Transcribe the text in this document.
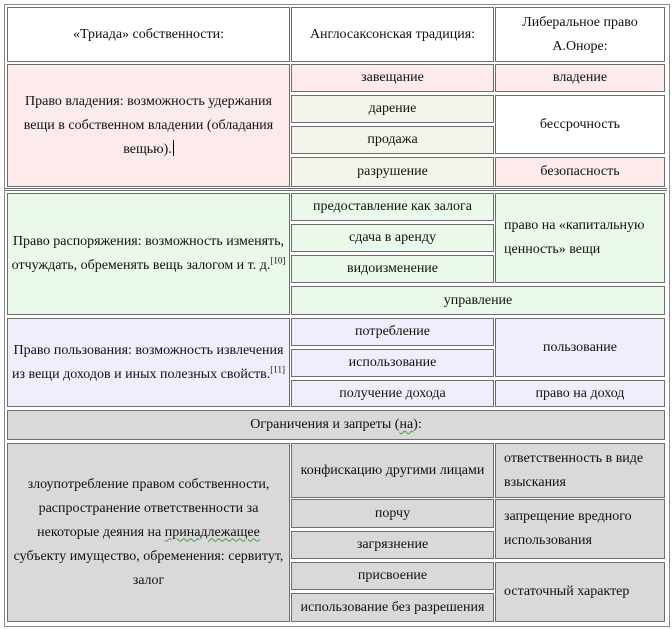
«Триада» собственности:	Англосаксонская традиция:
Либеральное право
А.Оноре:
Право владения: возможность удержания вещи в собственном владении (обладания вещью).
завещание
дарение
продажа
разрушение
владение
бессрочность
безопасность
Право распоряжения: возможность изменять, отчуждать, обременять вещь залогом и т. д.[10]
предоставление как залога
сдача в аренду
видоизменение
право на «капитальную ценность» вещи
управление
Право пользования: возможность извлечения из вещи доходов и иных полезных свойств.[11]
потребление
использование
получение дохода
пользование
право на доход
Ограничения и запреты (на):
злоупотребление правом собственности, распространение ответственности за некоторые деяния на принадлежащее субъекту имущество, обременения: сервитут, залог
конфискацию другими лицами
порчу
загрязнение
присвоение
использование без разрешения
ответственность в виде взыскания
запрещение вредного использования
остаточный характер
